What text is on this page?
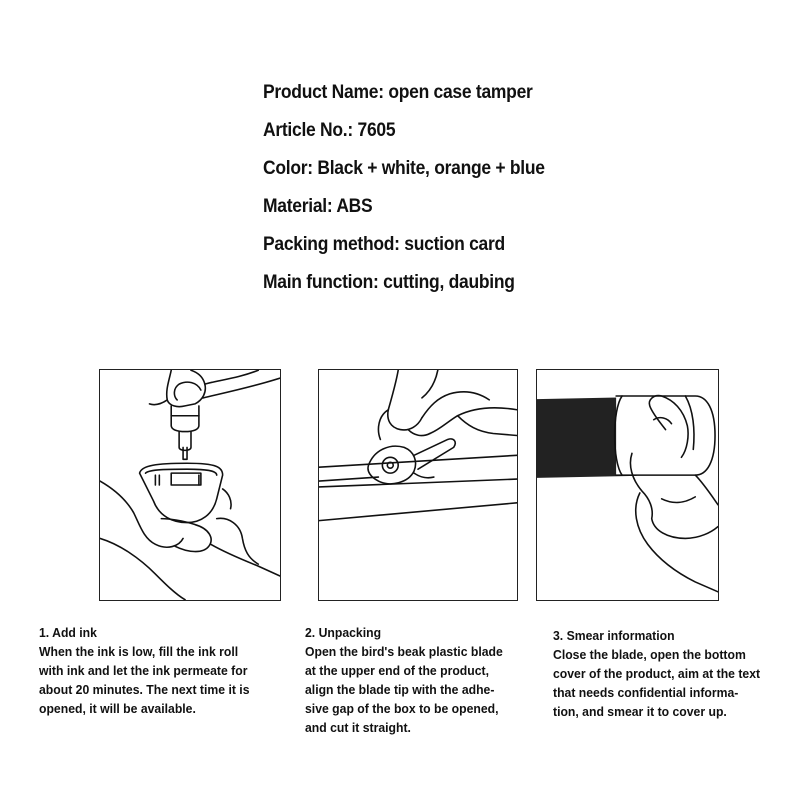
Product Name: open case tamper
Article No.: 7605
Color: Black + white, orange + blue
Material: ABS
Packing method: suction card
Main function: cutting, daubing
1. Add ink
When the ink is low, fill the ink roll
with ink and let the ink permeate for
about 20 minutes. The next time it is
opened, it will be available.
2. Unpacking
Open the bird's beak plastic blade
at the upper end of the product,
align the blade tip with the adhe-
sive gap of the box to be opened,
and cut it straight.
3. Smear information
Close the blade, open the bottom
cover of the product, aim at the text
that needs confidential informa-
tion, and smear it to cover up.
